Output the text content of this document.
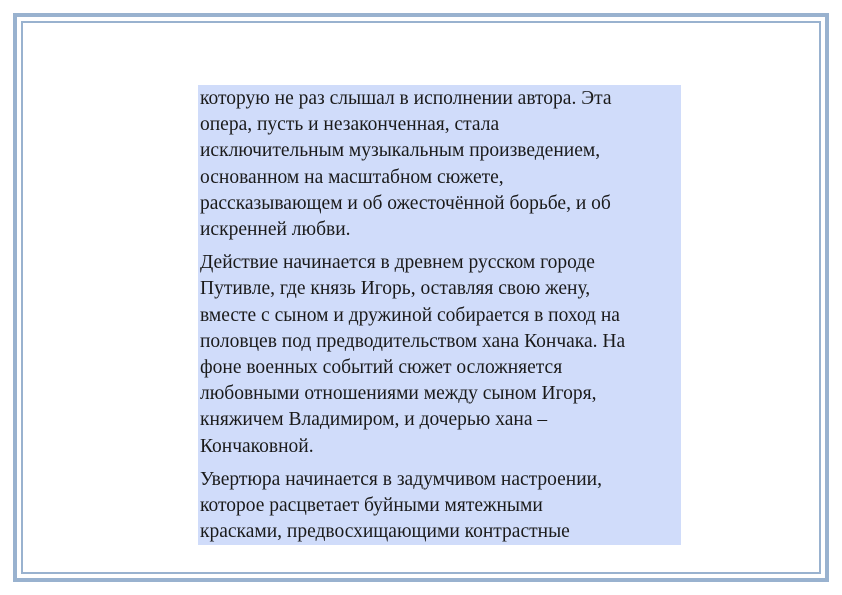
которую не раз слышал в исполнении автора. Эта
опера, пусть и незаконченная, стала
исключительным музыкальным произведением,
основанном на масштабном сюжете,
рассказывающем и об ожесточённой борьбе, и об
искренней любви.

Действие начинается в древнем русском городе
Путивле, где князь Игорь, оставляя свою жену,
вместе с сыном и дружиной собирается в поход на
половцев под предводительством хана Кончака. На
фоне военных событий сюжет осложняется
любовными отношениями между сыном Игоря,
княжичем Владимиром, и дочерью хана –
Кончаковной.

Увертюра начинается в задумчивом настроении,
которое расцветает буйными мятежными
красками, предвосхищающими контрастные
